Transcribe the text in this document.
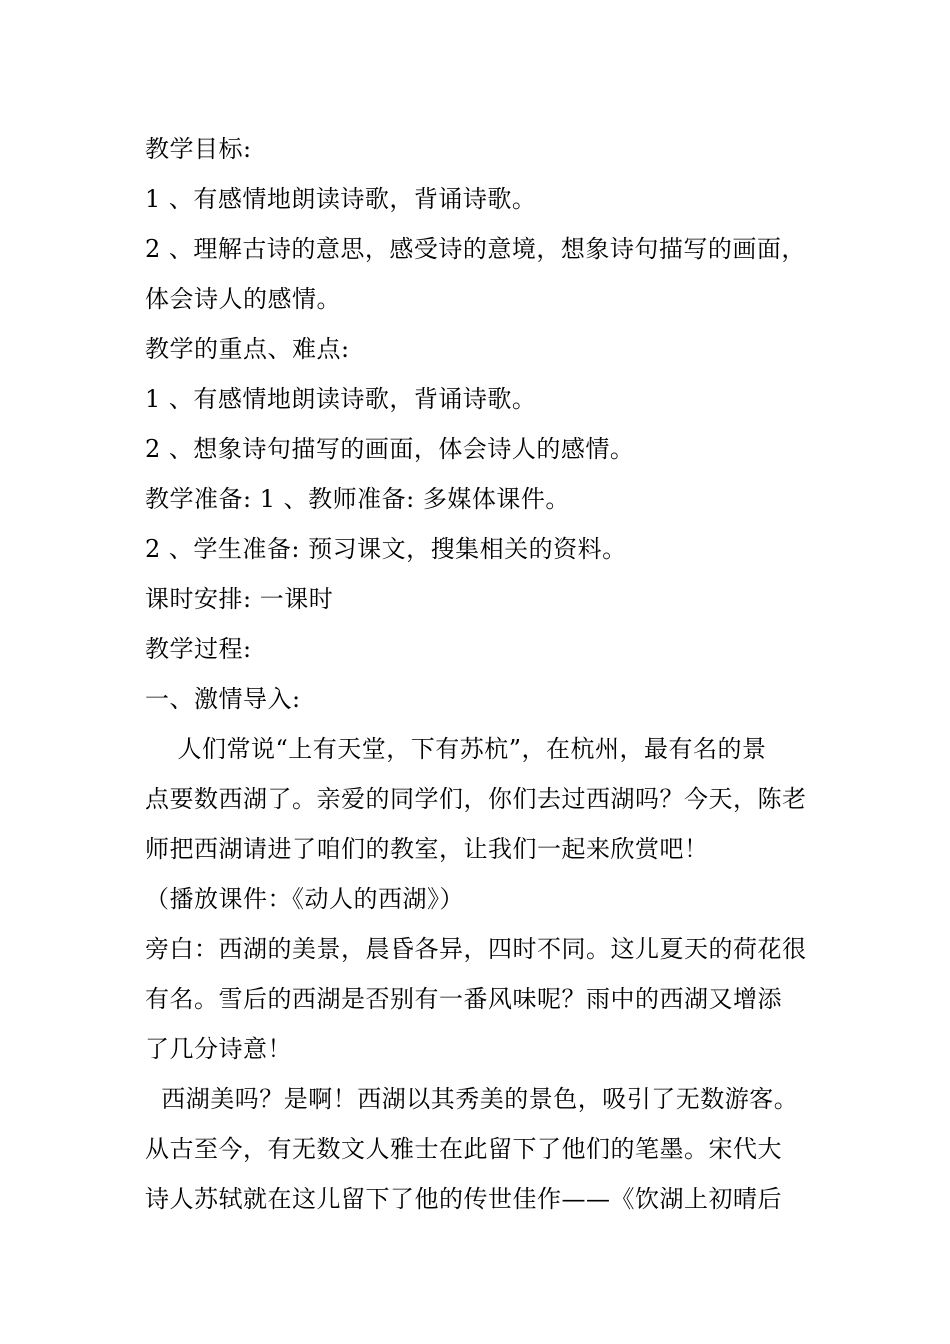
教学目标:
1 、有感情地朗读诗歌，背诵诗歌。
2 、理解古诗的意思，感受诗的意境，想象诗句描写的画面，
体会诗人的感情。
教学的重点、难点:
1 、有感情地朗读诗歌，背诵诗歌。
2 、想象诗句描写的画面，体会诗人的感情。
教学准备: 1 、教师准备: 多媒体课件。
2 、学生准备: 预习课文，搜集相关的资料。
课时安排: 一课时
教学过程:
一、激情导入:
人们常说“上有天堂，下有苏杭”，在杭州，最有名的景
点要数西湖了。亲爱的同学们，你们去过西湖吗？今天，陈老
师把西湖请进了咱们的教室，让我们一起来欣赏吧！
（播放课件：《动人的西湖》）
旁白：西湖的美景，晨昏各异，四时不同。这儿夏天的荷花很
有名。雪后的西湖是否别有一番风味呢？雨中的西湖又增添
了几分诗意！
西湖美吗？是啊！西湖以其秀美的景色，吸引了无数游客。
从古至今，有无数文人雅士在此留下了他们的笔墨。宋代大
诗人苏轼就在这儿留下了他的传世佳作——《饮湖上初晴后
